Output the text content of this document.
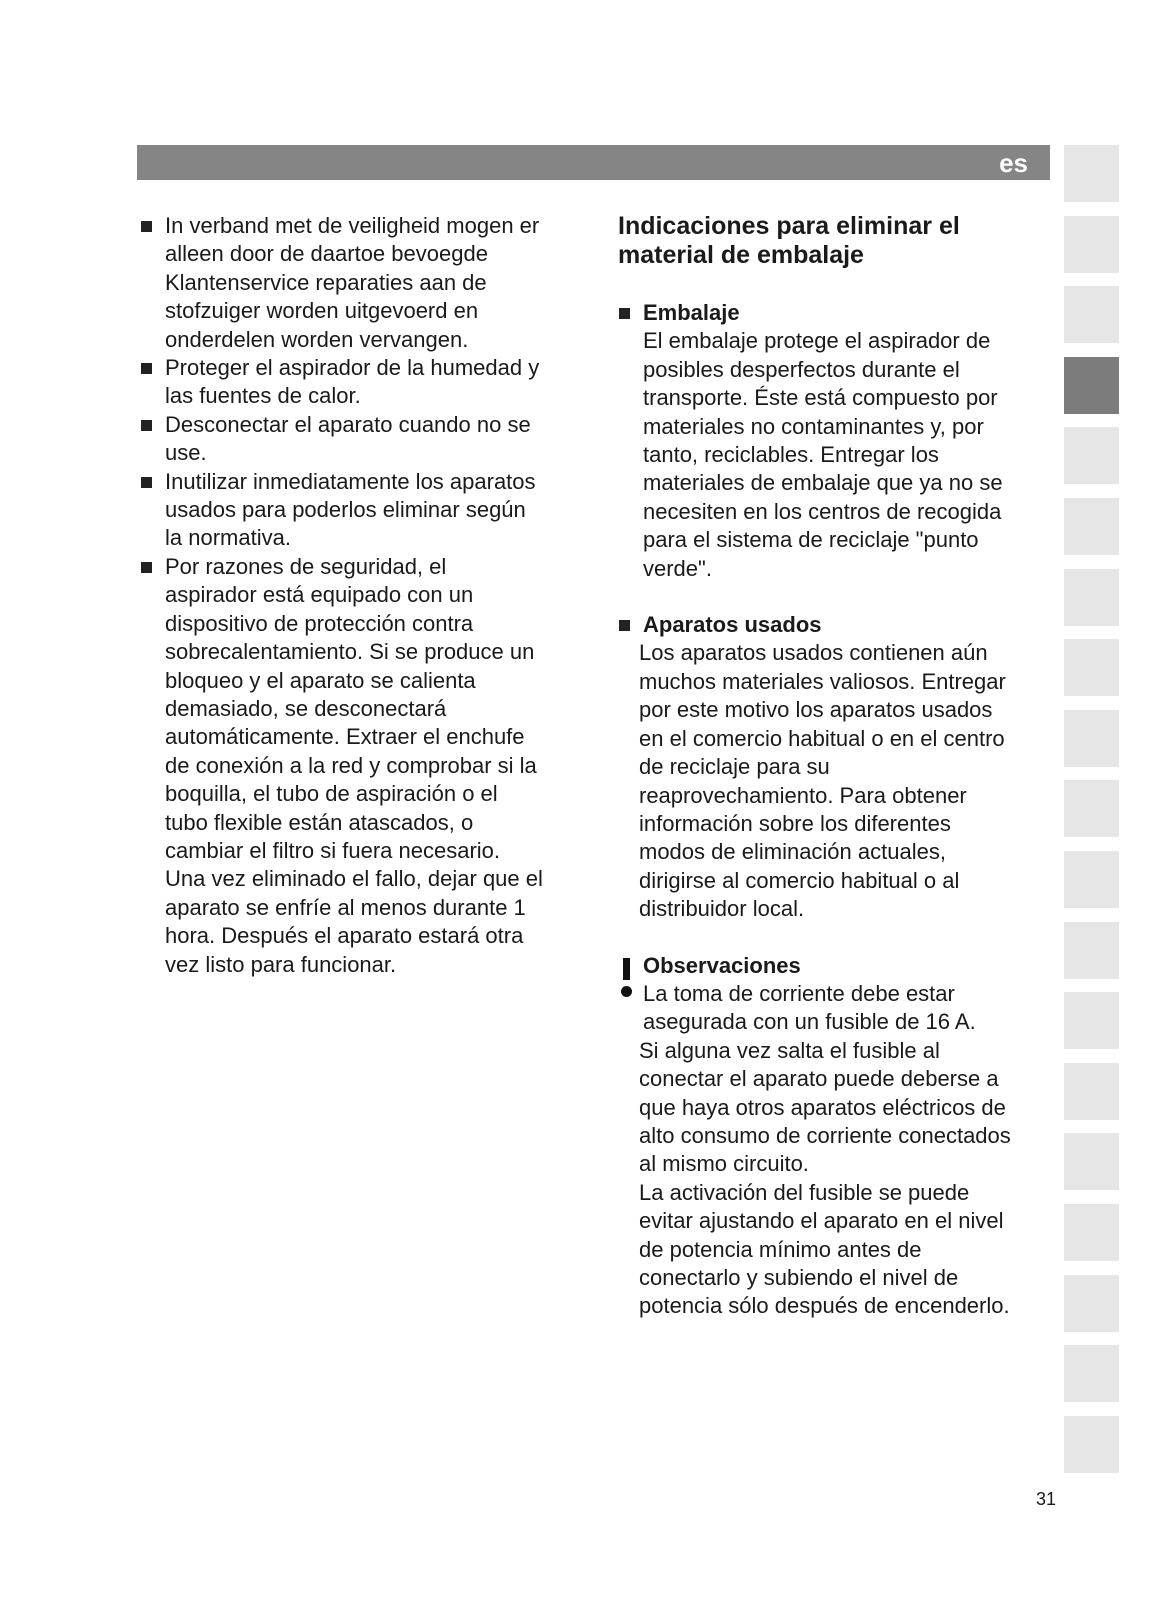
es
In verband met de veiligheid mogen er
alleen door de daartoe bevoegde
Klantenservice reparaties aan de
stofzuiger worden uitgevoerd en
onderdelen worden vervangen.
Proteger el aspirador de la humedad y
las fuentes de calor.
Desconectar el aparato cuando no se
use.
Inutilizar inmediatamente los aparatos
usados para poderlos eliminar según
la normativa.
Por razones de seguridad, el
aspirador está equipado con un
dispositivo de protección contra
sobrecalentamiento. Si se produce un
bloqueo y el aparato se calienta
demasiado, se desconectará
automáticamente. Extraer el enchufe
de conexión a la red y comprobar si la
boquilla, el tubo de aspiración o el
tubo flexible están atascados, o
cambiar el filtro si fuera necesario.
Una vez eliminado el fallo, dejar que el
aparato se enfríe al menos durante 1
hora. Después el aparato estará otra
vez listo para funcionar.
Indicaciones para eliminar el
material de embalaje
Embalaje
El embalaje protege el aspirador de
posibles desperfectos durante el
transporte. Éste está compuesto por
materiales no contaminantes y, por
tanto, reciclables. Entregar los
materiales de embalaje que ya no se
necesiten en los centros de recogida
para el sistema de reciclaje "punto
verde".
Aparatos usados
Los aparatos usados contienen aún
muchos materiales valiosos. Entregar
por este motivo los aparatos usados
en el comercio habitual o en el centro
de reciclaje para su
reaprovechamiento. Para obtener
información sobre los diferentes
modos de eliminación actuales,
dirigirse al comercio habitual o al
distribuidor local.
Observaciones
La toma de corriente debe estar
asegurada con un fusible de 16 A.
Si alguna vez salta el fusible al
conectar el aparato puede deberse a
que haya otros aparatos eléctricos de
alto consumo de corriente conectados
al mismo circuito.
La activación del fusible se puede
evitar ajustando el aparato en el nivel
de potencia mínimo antes de
conectarlo y subiendo el nivel de
potencia sólo después de encenderlo.
31
